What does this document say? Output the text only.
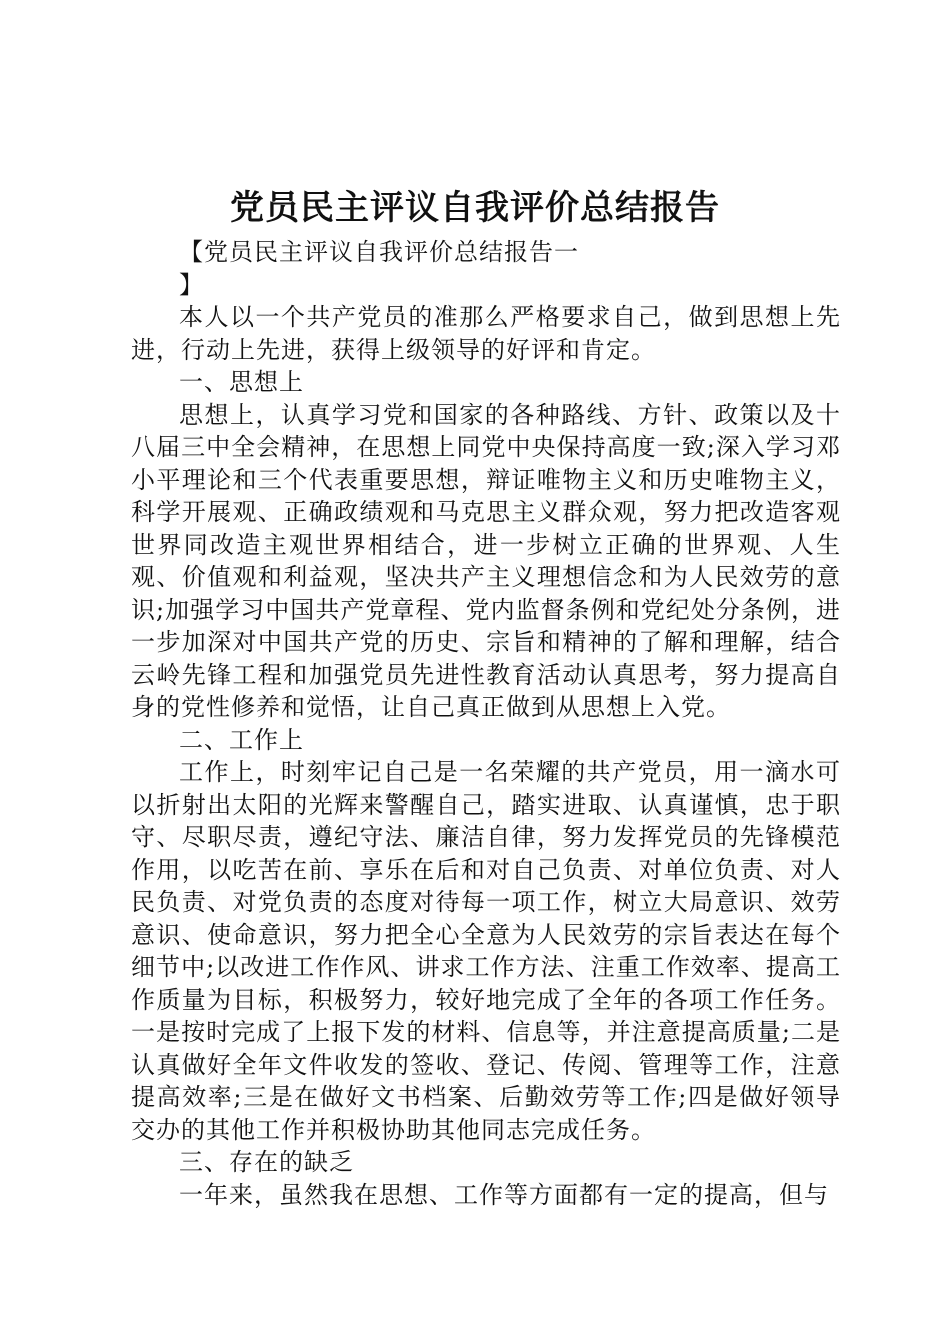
党员民主评议自我评价总结报告

【党员民主评议自我评价总结报告一

】

本人以一个共产党员的准那么严格要求自己，做到思想上先进，行动上先进，获得上级领导的好评和肯定。

一、思想上

思想上，认真学习党和国家的各种路线、方针、政策以及十八届三中全会精神，在思想上同党中央保持高度一致;深入学习邓小平理论和三个代表重要思想，辩证唯物主义和历史唯物主义，科学开展观、正确政绩观和马克思主义群众观，努力把改造客观世界同改造主观世界相结合，进一步树立正确的世界观、人生观、价值观和利益观，坚决共产主义理想信念和为人民效劳的意识;加强学习中国共产党章程、党内监督条例和党纪处分条例，进一步加深对中国共产党的历史、宗旨和精神的了解和理解，结合云岭先锋工程和加强党员先进性教育活动认真思考，努力提高自身的党性修养和觉悟，让自己真正做到从思想上入党。

二、工作上

工作上，时刻牢记自己是一名荣耀的共产党员，用一滴水可以折射出太阳的光辉来警醒自己，踏实进取、认真谨慎，忠于职守、尽职尽责，遵纪守法、廉洁自律，努力发挥党员的先锋模范作用，以吃苦在前、享乐在后和对自己负责、对单位负责、对人民负责、对党负责的态度对待每一项工作，树立大局意识、效劳意识、使命意识，努力把全心全意为人民效劳的宗旨表达在每个细节中;以改进工作作风、讲求工作方法、注重工作效率、提高工作质量为目标，积极努力，较好地完成了全年的各项工作任务。一是按时完成了上报下发的材料、信息等，并注意提高质量;二是认真做好全年文件收发的签收、登记、传阅、管理等工作，注意提高效率;三是在做好文书档案、后勤效劳等工作;四是做好领导交办的其他工作并积极协助其他同志完成任务。

三、存在的缺乏

一年来，虽然我在思想、工作等方面都有一定的提高，但与
